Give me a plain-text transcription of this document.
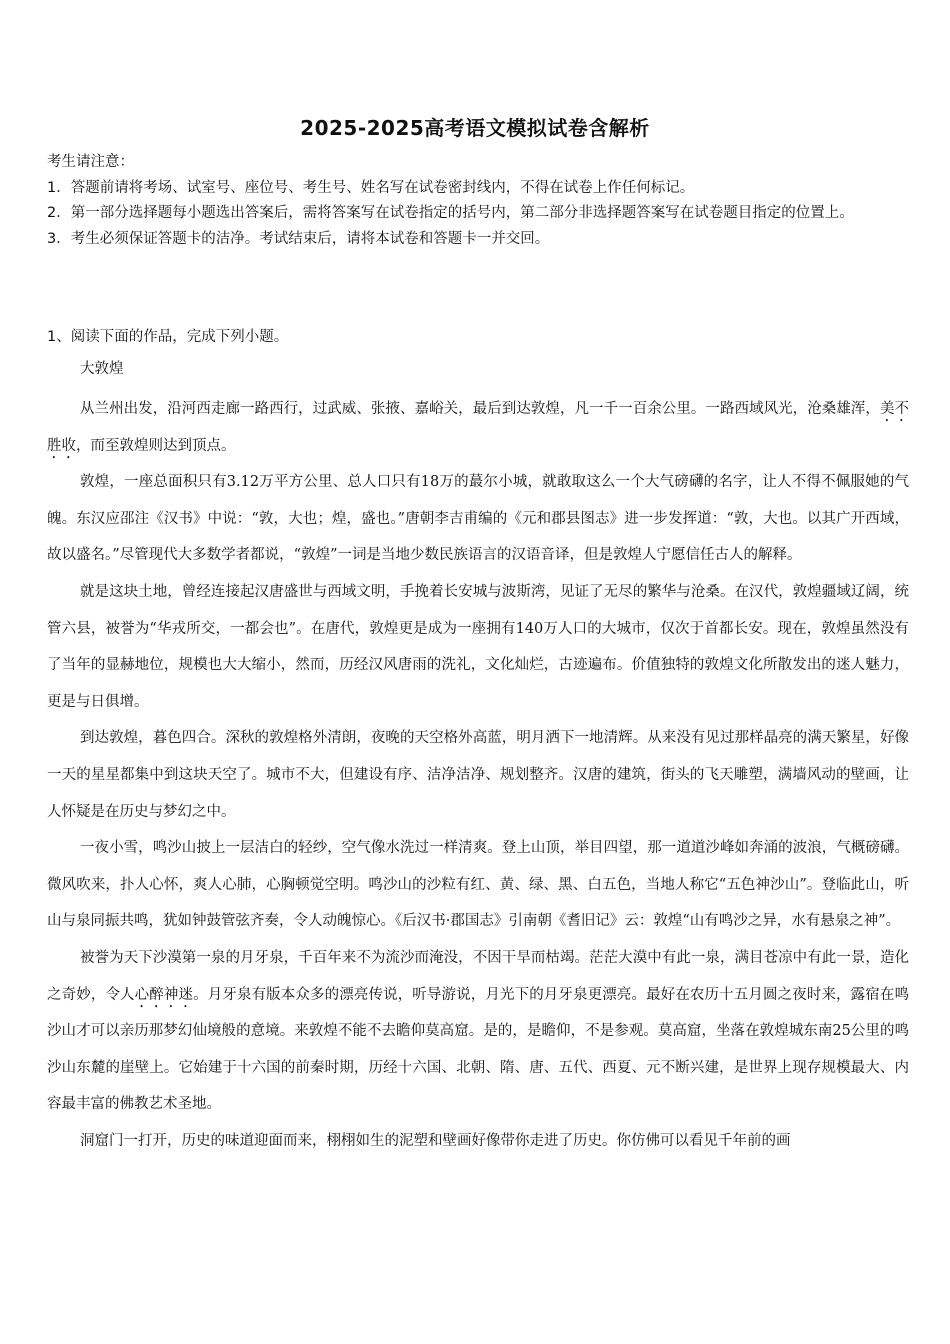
2025-2025高考语文模拟试卷含解析

考生请注意：

1．答题前请将考场、试室号、座位号、考生号、姓名写在试卷密封线内，不得在试卷上作任何标记。

2．第一部分选择题每小题选出答案后，需将答案写在试卷指定的括号内，第二部分非选择题答案写在试卷题目指定的位置上。

3．考生必须保证答题卡的洁净。考试结束后，请将本试卷和答题卡一并交回。

1、阅读下面的作品，完成下列小题。
大敦煌

从兰州出发，沿河西走廊一路西行，过武威、张掖、嘉峪关，最后到达敦煌，凡一千一百余公里。一路西域风光，沧桑雄浑，美不胜收，而至敦煌则达到顶点。

敦煌，一座总面积只有3.12万平方公里、总人口只有18万的蕞尔小城，就敢取这么一个大气磅礴的名字，让人不得不佩服她的气魄。东汉应邵注《汉书》中说：“敦，大也；煌，盛也。”唐朝李吉甫编的《元和郡县图志》进一步发挥道：“敦，大也。以其广开西域，故以盛名。”尽管现代大多数学者都说，“敦煌”一词是当地少数民族语言的汉语音译，但是敦煌人宁愿信任古人的解释。

就是这块土地，曾经连接起汉唐盛世与西域文明，手挽着长安城与波斯湾，见证了无尽的繁华与沧桑。在汉代，敦煌疆域辽阔，统管六县，被誉为“华戎所交，一都会也”。在唐代，敦煌更是成为一座拥有140万人口的大城市，仅次于首都长安。现在，敦煌虽然没有了当年的显赫地位，规模也大大缩小，然而，历经汉风唐雨的洗礼，文化灿烂，古迹遍布。价值独特的敦煌文化所散发出的迷人魅力，更是与日俱增。

到达敦煌，暮色四合。深秋的敦煌格外清朗，夜晚的天空格外高蓝，明月洒下一地清辉。从来没有见过那样晶亮的满天繁星，好像一天的星星都集中到这块天空了。城市不大，但建设有序、洁净洁净、规划整齐。汉唐的建筑，街头的飞天雕塑，满墙风动的壁画，让人怀疑是在历史与梦幻之中。

一夜小雪，鸣沙山披上一层洁白的轻纱，空气像水洗过一样清爽。登上山顶，举目四望，那一道道沙峰如奔涌的波浪，气概磅礴。微风吹来，扑人心怀，爽人心肺，心胸顿觉空明。鸣沙山的沙粒有红、黄、绿、黑、白五色，当地人称它“五色神沙山”。登临此山，听山与泉同振共鸣，犹如钟鼓管弦齐奏，令人动魄惊心。《后汉书·郡国志》引南朝《耆旧记》云：敦煌“山有鸣沙之异，水有悬泉之神”。

被誉为天下沙漠第一泉的月牙泉，千百年来不为流沙而淹没，不因干旱而枯竭。茫茫大漠中有此一泉，满目苍凉中有此一景，造化之奇妙，令人心醉神迷。月牙泉有版本众多的漂亮传说，听导游说，月光下的月牙泉更漂亮。最好在农历十五月圆之夜时来，露宿在鸣沙山才可以亲历那梦幻仙境般的意境。来敦煌不能不去瞻仰莫高窟。是的，是瞻仰，不是参观。莫高窟，坐落在敦煌城东南25公里的鸣沙山东麓的崖壁上。它始建于十六国的前秦时期，历经十六国、北朝、隋、唐、五代、西夏、元不断兴建，是世界上现存规模最大、内容最丰富的佛教艺术圣地。

洞窟门一打开，历史的味道迎面而来，栩栩如生的泥塑和壁画好像带你走进了历史。你仿佛可以看见千年前的画
